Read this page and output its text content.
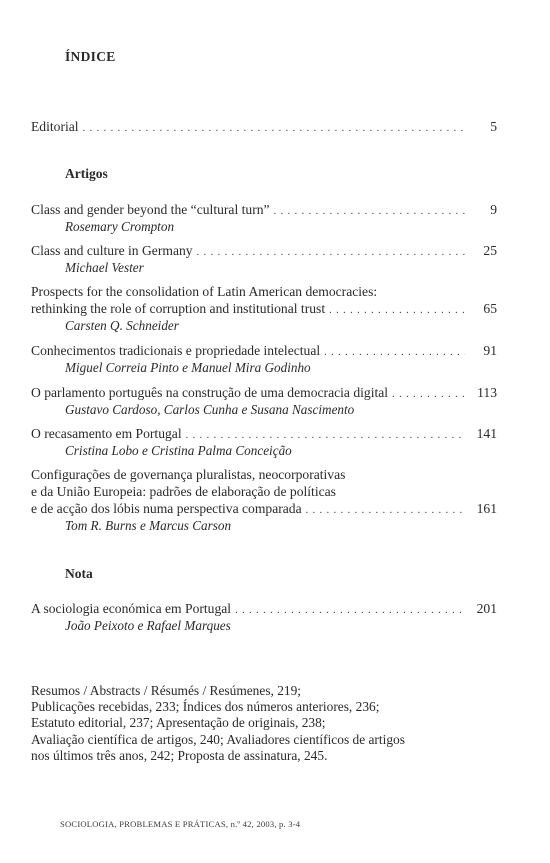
ÍNDICE
Editorial . . .	5
Artigos
Class and gender beyond the “cultural turn” . . .	9
Rosemary Crompton
Class and culture in Germany . . .	25
Michael Vester
Prospects for the consolidation of Latin American democracies:
rethinking the role of corruption and institutional trust . . .	65
Carsten Q. Schneider
Conhecimentos tradicionais e propriedade intelectual . . .	91
Miguel Correia Pinto e Manuel Mira Godinho
O parlamento português na construção de uma democracia digital . . .	113
Gustavo Cardoso, Carlos Cunha e Susana Nascimento
O recasamento em Portugal . . .	141
Cristina Lobo e Cristina Palma Conceição
Configurações de governança pluralistas, neocorporativas
e da União Europeia: padrões de elaboração de políticas
e de acção dos lóbis numa perspectiva comparada . . .	161
Tom R. Burns e Marcus Carson
Nota
A sociologia económica em Portugal . . .	201
João Peixoto e Rafael Marques
Resumos / Abstracts / Résumés / Resúmenes, 219;
Publicações recebidas, 233; Índices dos números anteriores, 236;
Estatuto editorial, 237; Apresentação de originais, 238;
Avaliação científica de artigos, 240; Avaliadores científicos de artigos
nos últimos três anos, 242; Proposta de assinatura, 245.
SOCIOLOGIA, PROBLEMAS E PRÁTICAS, n.º 42, 2003, p. 3-4
